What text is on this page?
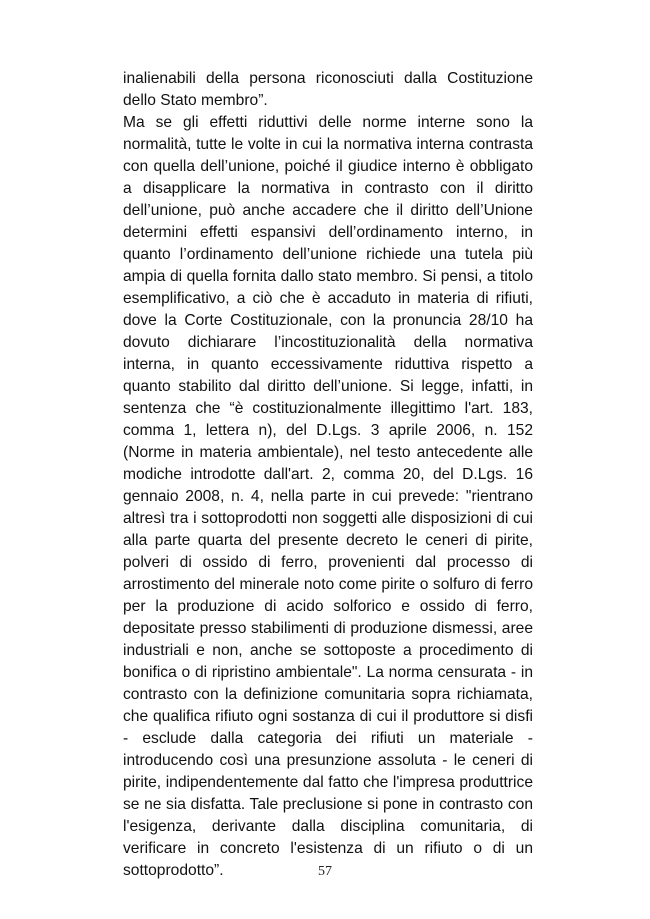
inalienabili della persona riconosciuti dalla Costituzione
dello Stato membro”.
Ma se gli effetti riduttivi delle norme interne sono la
normalità, tutte le volte in cui la normativa interna contrasta
con quella dell’unione, poiché il giudice interno è obbligato
a disapplicare la normativa in contrasto con il diritto
dell’unione, può anche accadere che il diritto dell’Unione
determini effetti espansivi dell’ordinamento interno, in
quanto l’ordinamento dell’unione richiede una tutela più
ampia di quella fornita dallo stato membro. Si pensi, a titolo
esemplificativo, a ciò che è accaduto in materia di rifiuti,
dove la Corte Costituzionale, con la pronuncia 28/10 ha
dovuto dichiarare l’incostituzionalità della normativa
interna, in quanto eccessivamente riduttiva rispetto a
quanto stabilito dal diritto dell’unione. Si legge, infatti, in
sentenza che “è costituzionalmente illegittimo l'art. 183,
comma 1, lettera n), del D.Lgs. 3 aprile 2006, n. 152
(Norme in materia ambientale), nel testo antecedente alle
modiche introdotte dall'art. 2, comma 20, del D.Lgs. 16
gennaio 2008, n. 4, nella parte in cui prevede: "rientrano
altresì tra i sottoprodotti non soggetti alle disposizioni di cui
alla parte quarta del presente decreto le ceneri di pirite,
polveri di ossido di ferro, provenienti dal processo di
arrostimento del minerale noto come pirite o solfuro di ferro
per la produzione di acido solforico e ossido di ferro,
depositate presso stabilimenti di produzione dismessi, aree
industriali e non, anche se sottoposte a procedimento di
bonifica o di ripristino ambientale". La norma censurata - in
contrasto con la definizione comunitaria sopra richiamata,
che qualifica rifiuto ogni sostanza di cui il produttore si disfi
- esclude dalla categoria dei rifiuti un materiale -
introducendo così una presunzione assoluta - le ceneri di
pirite, indipendentemente dal fatto che l'impresa produttrice
se ne sia disfatta. Tale preclusione si pone in contrasto con
l'esigenza, derivante dalla disciplina comunitaria, di
verificare in concreto l'esistenza di un rifiuto o di un
sottoprodotto”.	57
